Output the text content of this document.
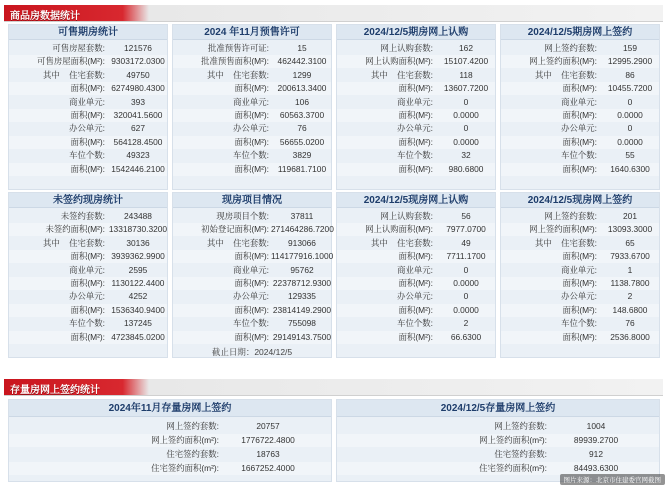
商品房数据统计
可售期房统计
可售房屋套数:	121576
可售房屋面积(M²): 9303172.0300
其中 住宅套数:	49750
面积(M²): 6274980.4300
商业单元:	393
面积(M²):	320041.5600
办公单元:	627
面积(M²):	564128.4500
车位个数:	49323
面积(M²): 1542446.2100
2024 年11月预售许可
批准预售许可证:	15
批准预售面积(M²):	462442.3100
其中 住宅套数:	1299
面积(M²):	200613.3400
商业单元:	106
面积(M²):	60563.3700
办公单元:	76
面积(M²):	56655.0200
车位个数:	3829
面积(M²):	119681.7100
2024/12/5期房网上认购
网上认购套数:	162
网上认购面积(M²):	15107.4200
其中 住宅套数:	118
面积(M²):	13607.7200
商业单元:	0
面积(M²):	0.0000
办公单元:	0
面积(M²):	0.0000
车位个数:	32
面积(M²):	980.6800
2024/12/5期房网上签约
网上签约套数:	159
网上签约面积(M²):	12995.2900
其中 住宅套数:	86
面积(M²):	10455.7200
商业单元:	0
面积(M²):	0.0000
办公单元:	0
面积(M²):	0.0000
车位个数:	55
面积(M²):	1640.6300
未签约现房统计
未签约套数:	243488
未签约面积(M²): 13318730.3200
其中 住宅套数:	30136
面积(M²): 3939362.9900
商业单元:	2595
面积(M²): 1130122.4400
办公单元:	4252
面积(M²): 1536340.9400
车位个数:	137245
面积(M²): 4723845.0200
现房项目情况
现房项目个数:	37811
初始登记面积(M²): 271464286.7200
其中 住宅套数:	913066
面积(M²): 114177916.1000
商业单元:	95762
面积(M²): 22378712.9300
办公单元:	129335
面积(M²): 23814149.2900
车位个数:	755098
面积(M²): 29149143.7500
截止日期：2024/12/5
2024/12/5现房网上认购
网上认购套数:	56
网上认购面积(M²):	7977.0700
其中 住宅套数:	49
面积(M²):	7711.1700
商业单元:	0
面积(M²):	0.0000
办公单元:	0
面积(M²):	0.0000
车位个数:	2
面积(M²):	66.6300
2024/12/5现房网上签约
网上签约套数:	201
网上签约面积(M²):	13093.3000
其中 住宅套数:	65
面积(M²):	7933.6700
商业单元:	1
面积(M²):	1138.7800
办公单元:	2
面积(M²):	148.6800
车位个数:	76
面积(M²):	2536.8000
存量房网上签约统计
2024年11月存量房网上签约
网上签约套数:	20757
网上签约面积(m²):	1776722.4800
住宅签约套数:	18763
住宅签约面积(m²):	1667252.4000
2024/12/5存量房网上签约
网上签约套数:	1004
网上签约面积(m²):	89939.2700
住宅签约套数:	912
住宅签约面积(m²):	84493.6300
图片来源：北京市住建委官网截图
